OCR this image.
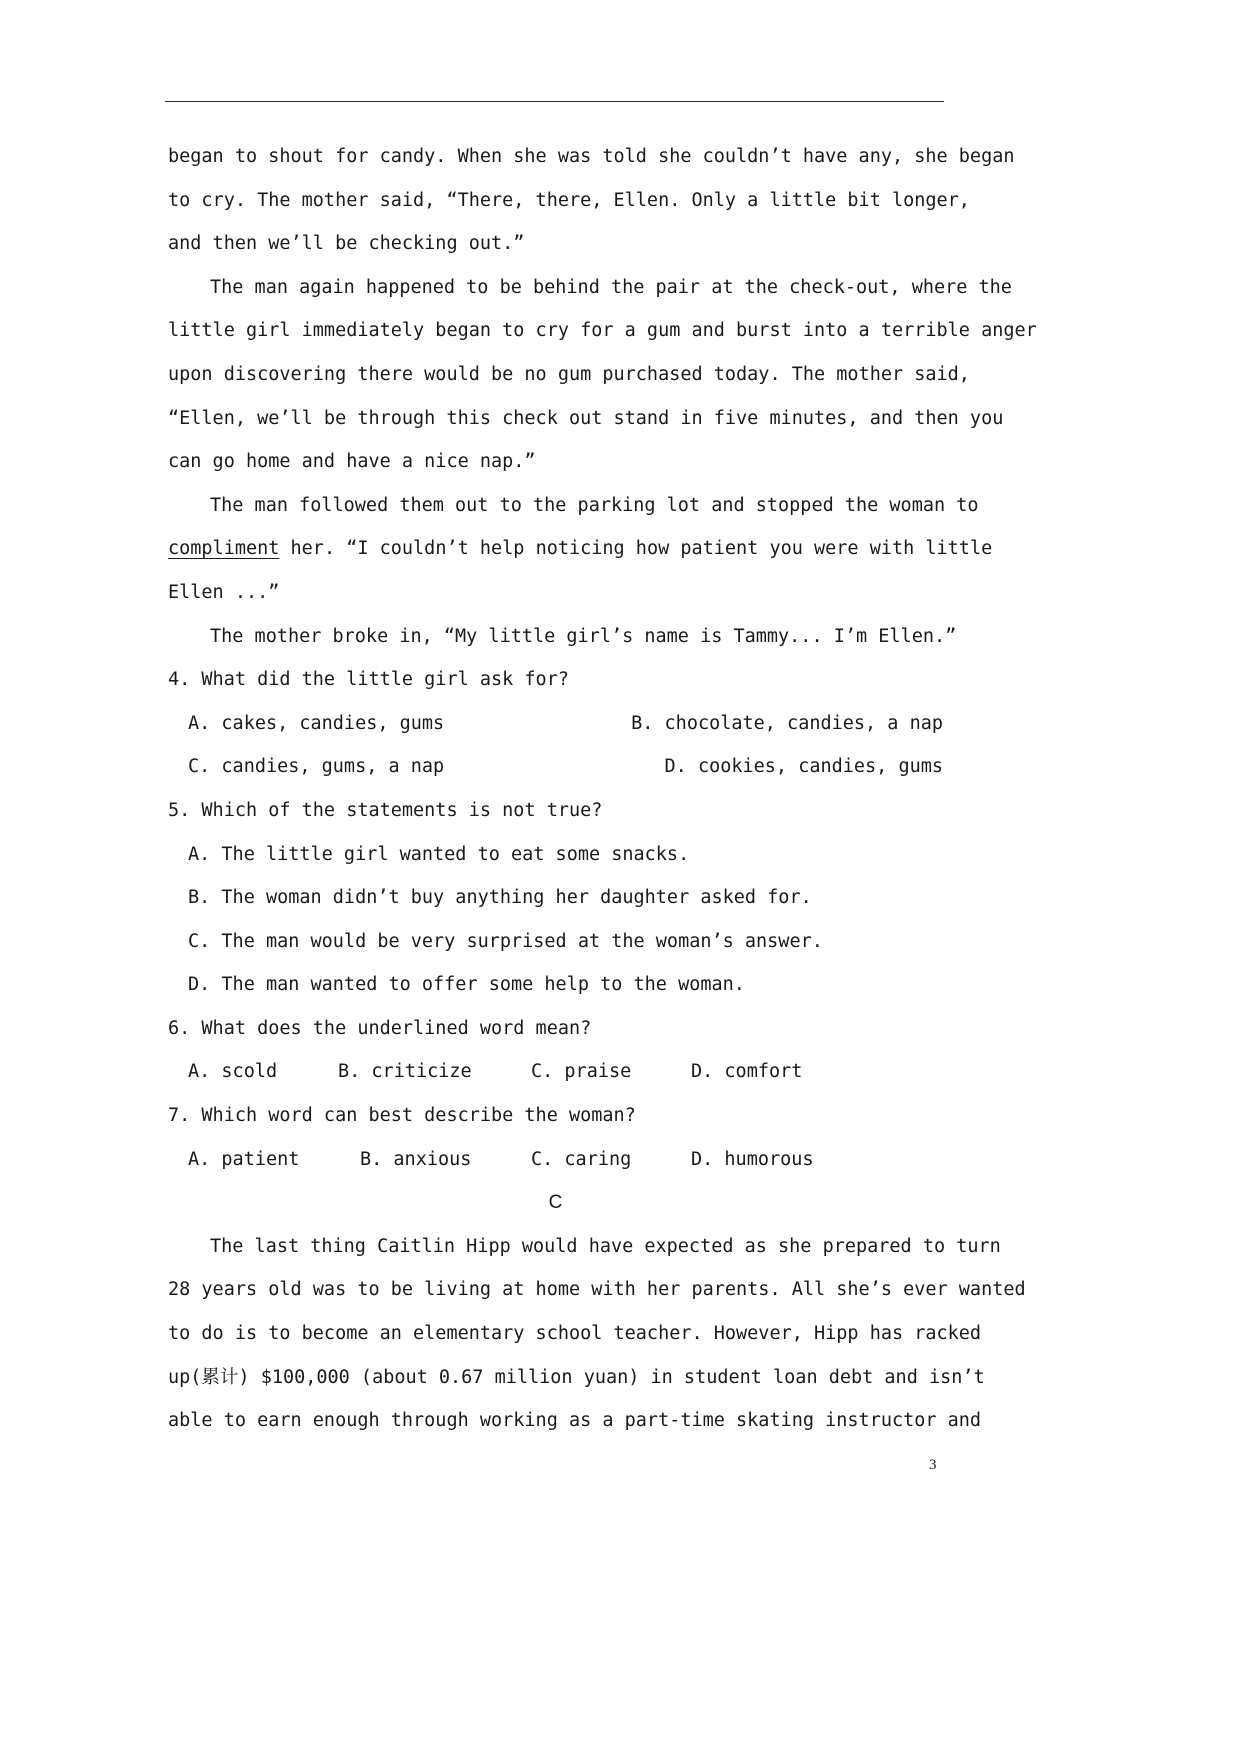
began to shout for candy. When she was told she couldn’t have any, she began
to cry. The mother said, “There, there, Ellen. Only a little bit longer,
and then we’ll be checking out.”
The man again happened to be behind the pair at the check-out, where the
little girl immediately began to cry for a gum and burst into a terrible anger
upon discovering there would be no gum purchased today. The mother said,
“Ellen, we’ll be through this check out stand in five minutes, and then you
can go home and have a nice nap.”
The man followed them out to the parking lot and stopped the woman to
compliment her. “I couldn’t help noticing how patient you were with little
Ellen ...”
The mother broke in, “My little girl’s name is Tammy... I’m Ellen.”
4. What did the little girl ask for?
A. cakes, candies, gums	B. chocolate, candies, a nap
C. candies, gums, a nap	D. cookies, candies, gums
5. Which of the statements is not true?
A. The little girl wanted to eat some snacks.
B. The woman didn’t buy anything her daughter asked for.
C. The man would be very surprised at the woman’s answer.
D. The man wanted to offer some help to the woman.
6. What does the underlined word mean?
A. scold	B. criticize	C. praise	D. comfort
7. Which word can best describe the woman?
A. patient	B. anxious	C. caring	D. humorous
C
The last thing Caitlin Hipp would have expected as she prepared to turn
28 years old was to be living at home with her parents. All she’s ever wanted
to do is to become an elementary school teacher. However, Hipp has racked
up(累计) $100,000 (about 0.67 million yuan) in student loan debt and isn’t
able to earn enough through working as a part-time skating instructor and
3
